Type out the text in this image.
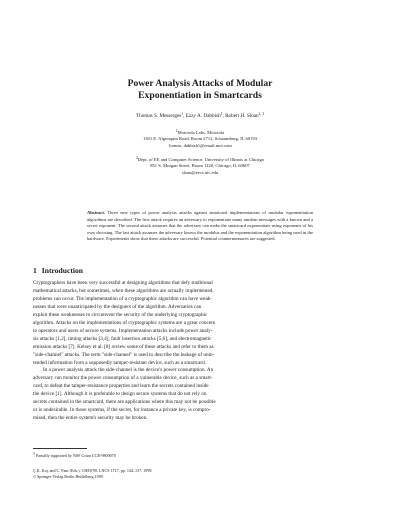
Power Analysis Attacks of Modular
Exponentiation in Smartcards
Thomas S. Messerges$^1$, Ezzy A. Dabbish$^1$, Robert H. Sloan$^{2, 3}$
$^1$Motorola Labs, Motorola
1301 E. Algonquin Road, Room 2712, Schaumburg, IL 60193
{tomas, dabbish}@email.mot.com
$^2$Dept. of EE and Computer Science, University of Illinois at Chicago
851 S. Morgan Street, Room 1120, Chicago, IL 60607
sloan@eecs.uic.edu
Abstract. Three new types of power analysis attacks against smartcard implementations of modular exponentiation algorithms are described. The first attack requires an adversary to exponentiate many random messages with a known and a secret exponent. The second attack assumes that the adversary can make the smartcard exponentiate using exponents of his own choosing. The last attack assumes the adversary knows the modulus and the exponentiation algorithm being used in the hardware. Experiments show that these attacks are successful. Potential countermeasures are suggested.
1 Introduction
Cryptographers have been very successful at designing algorithms that defy traditional
mathematical attacks, but sometimes, when these algorithms are actually implemented,
problems can occur. The implementation of a cryptographic algorithm can have weak-
nesses that were unanticipated by the designers of the algorithm. Adversaries can
exploit these weaknesses to circumvent the security of the underlying cryptographic
algorithm. Attacks on the implementations of cryptographic systems are a great concern
to operators and users of secure systems. Implementation attacks include power analy-
sis attacks [1,2], timing attacks [3,4], fault insertion attacks [5,6], and electromagnetic
emission attacks [7]. Kelsey et al. [8] review some of these attacks and refer to them as
"side-channel" attacks. The term "side-channel" is used to describe the leakage of unin-
tended information from a supposedly tamper-resistant device, such as a smartcard.
In a power analysis attack the side-channel is the device's power consumption. An
adversary can monitor the power consumption of a vulnerable device, such as a smart-
card, to defeat the tamper-resistance properties and learn the secrets contained inside
the device [1]. Although it is preferable to design secure systems that do not rely on
secrets contained in the smartcard, there are applications where this may not be possible
or is undesirable. In those systems, if the secret, for instance a private key, is compro-
mised, then the entire system's security may be broken.
$^3$ Partially supported by NSF Grant CCR-9800070
Ç.K. Koç and C. Paar (Eds.): CHES'99, LNCS 1717, pp. 144–157, 1999.
© Springer-Verlag Berlin Heidelberg 1999
